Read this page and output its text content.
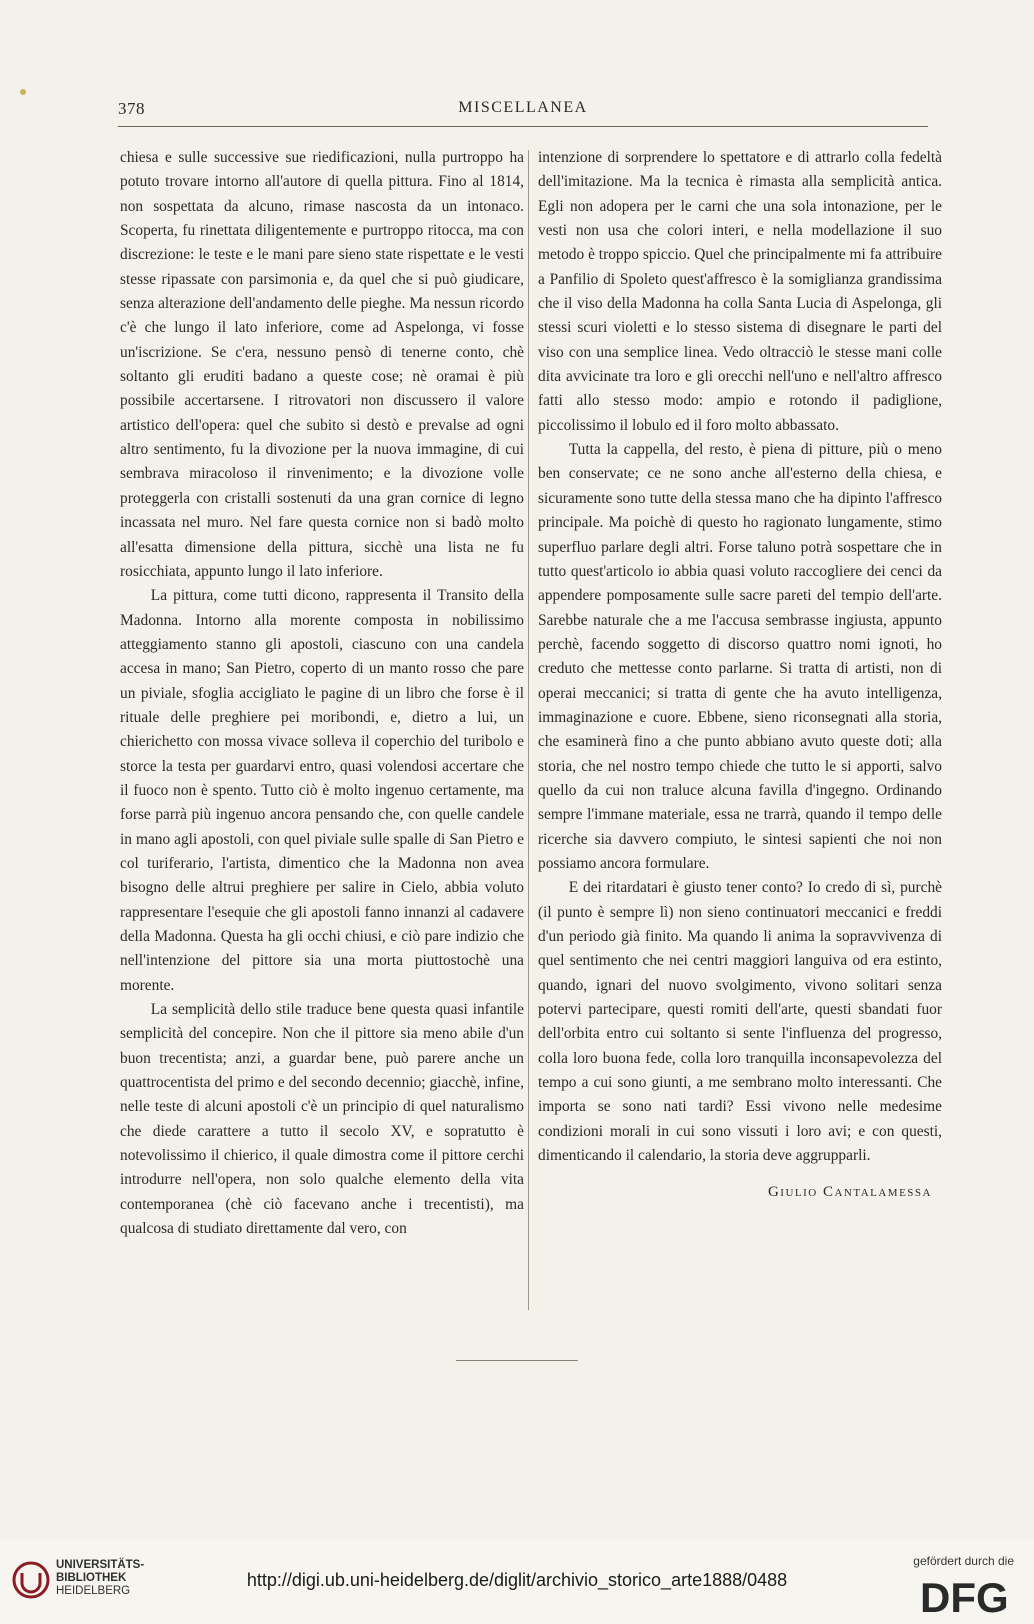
378	MISCELLANEA

chiesa e sulle successive sue riedificazioni, nulla purtroppo ha potuto trovare intorno all'autore di quella pittura. Fino al 1814, non sospettata da alcuno, rimase nascosta da un intonaco. Scoperta, fu rinettata diligentemente e purtroppo ritocca, ma con discrezione: le teste e le mani pare sieno state rispettate e le vesti stesse ripassate con parsimonia e, da quel che si può giudicare, senza alterazione dell'andamento delle pieghe. Ma nessun ricordo c'è che lungo il lato inferiore, come ad Aspelonga, vi fosse un'iscrizione. Se c'era, nessuno pensò di tenerne conto, chè soltanto gli eruditi badano a queste cose; nè oramai è più possibile accertarsene. I ritrovatori non discussero il valore artistico dell'opera: quel che subito si destò e prevalse ad ogni altro sentimento, fu la divozione per la nuova immagine, di cui sembrava miracoloso il rinvenimento; e la divozione volle proteggerla con cristalli sostenuti da una gran cornice di legno incassata nel muro. Nel fare questa cornice non si badò molto all'esatta dimensione della pittura, sicchè una lista ne fu rosicchiata, appunto lungo il lato inferiore.

La pittura, come tutti dicono, rappresenta il Transito della Madonna. Intorno alla morente composta in nobilissimo atteggiamento stanno gli apostoli, ciascuno con una candela accesa in mano; San Pietro, coperto di un manto rosso che pare un piviale, sfoglia accigliato le pagine di un libro che forse è il rituale delle preghiere pei moribondi, e, dietro a lui, un chierichetto con mossa vivace solleva il coperchio del turibolo e storce la testa per guardarvi entro, quasi volendosi accertare che il fuoco non è spento. Tutto ciò è molto ingenuo certamente, ma forse parrà più ingenuo ancora pensando che, con quelle candele in mano agli apostoli, con quel piviale sulle spalle di San Pietro e col turiferario, l'artista, dimentico che la Madonna non avea bisogno delle altrui preghiere per salire in Cielo, abbia voluto rappresentare l'esequie che gli apostoli fanno innanzi al cadavere della Madonna. Questa ha gli occhi chiusi, e ciò pare indizio che nell'intenzione del pittore sia una morta piuttostochè una morente.

La semplicità dello stile traduce bene questa quasi infantile semplicità del concepire. Non che il pittore sia meno abile d'un buon trecentista; anzi, a guardar bene, può parere anche un quattrocentista del primo e del secondo decennio; giacchè, infine, nelle teste di alcuni apostoli c'è un principio di quel naturalismo che diede carattere a tutto il secolo XV, e sopratutto è notevolissimo il chierico, il quale dimostra come il pittore cerchi introdurre nell'opera, non solo qualche elemento della vita contemporanea (chè ciò facevano anche i trecentisti), ma qualcosa di studiato direttamente dal vero, con

intenzione di sorprendere lo spettatore e di attrarlo colla fedeltà dell'imitazione. Ma la tecnica è rimasta alla semplicità antica. Egli non adopera per le carni che una sola intonazione, per le vesti non usa che colori interi, e nella modellazione il suo metodo è troppo spiccio. Quel che principalmente mi fa attribuire a Panfilio di Spoleto quest'affresco è la somiglianza grandissima che il viso della Madonna ha colla Santa Lucia di Aspelonga, gli stessi scuri violetti e lo stesso sistema di disegnare le parti del viso con una semplice linea. Vedo oltracciò le stesse mani colle dita avvicinate tra loro e gli orecchi nell'uno e nell'altro affresco fatti allo stesso modo: ampio e rotondo il padiglione, piccolissimo il lobulo ed il foro molto abbassato.

Tutta la cappella, del resto, è piena di pitture, più o meno ben conservate; ce ne sono anche all'esterno della chiesa, e sicuramente sono tutte della stessa mano che ha dipinto l'affresco principale. Ma poichè di questo ho ragionato lungamente, stimo superfluo parlare degli altri. Forse taluno potrà sospettare che in tutto quest'articolo io abbia quasi voluto raccogliere dei cenci da appendere pomposamente sulle sacre pareti del tempio dell'arte. Sarebbe naturale che a me l'accusa sembrasse ingiusta, appunto perchè, facendo soggetto di discorso quattro nomi ignoti, ho creduto che mettesse conto parlarne. Si tratta di artisti, non di operai meccanici; si tratta di gente che ha avuto intelligenza, immaginazione e cuore. Ebbene, sieno riconsegnati alla storia, che esaminerà fino a che punto abbiano avuto queste doti; alla storia, che nel nostro tempo chiede che tutto le si apporti, salvo quello da cui non traluce alcuna favilla d'ingegno. Ordinando sempre l'immane materiale, essa ne trarrà, quando il tempo delle ricerche sia davvero compiuto, le sintesi sapienti che noi non possiamo ancora formulare.

E dei ritardatari è giusto tener conto? Io credo di sì, purchè (il punto è sempre lì) non sieno continuatori meccanici e freddi d'un periodo già finito. Ma quando li anima la sopravvivenza di quel sentimento che nei centri maggiori languiva od era estinto, quando, ignari del nuovo svolgimento, vivono solitari senza potervi partecipare, questi romiti dell'arte, questi sbandati fuor dell'orbita entro cui soltanto si sente l'influenza del progresso, colla loro buona fede, colla loro tranquilla inconsapevolezza del tempo a cui sono giunti, a me sembrano molto interessanti. Che importa se sono nati tardi? Essi vivono nelle medesime condizioni morali in cui sono vissuti i loro avi; e con questi, dimenticando il calendario, la storia deve aggrupparli.

Giulio Cantalamessa

UNIVERSITÄTS-
BIBLIOTHEK
HEIDELBERG
http://digi.ub.uni-heidelberg.de/diglit/archivio_storico_arte1888/0488
gefördert durch die
DFG
